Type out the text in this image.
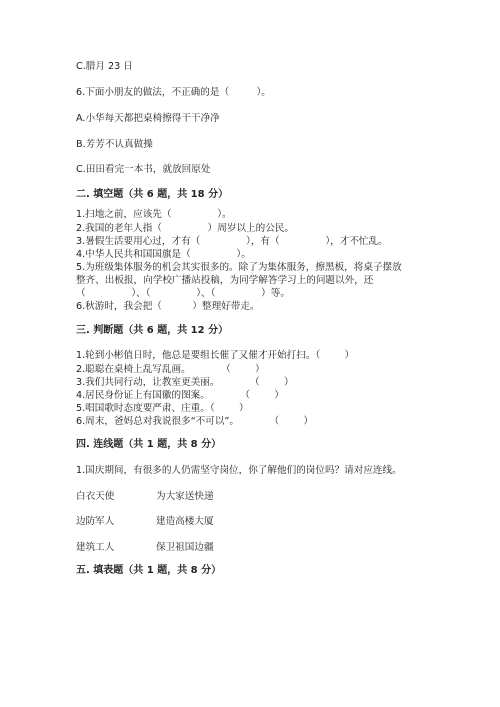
C.腊月 23 日
6.下面小朋友的做法，不正确的是（         ）。
A.小华每天都把桌椅擦得干干净净
B.芳芳不认真做操
C.田田看完一本书，就放回原处
二. 填空题（共 6 题，共 18 分）
1.扫地之前，应该先（               ）。
2.我国的老年人指（               ）周岁以上的公民。
3.暑假生活要用心过，才有（               ），有（               ），才不忙乱。
4.中华人民共和国国旗是（               ）。
5.为班级集体服务的机会其实很多的。除了为集体服务，擦黑板，将桌子摆放
整齐、出板报，向学校广播站投稿，为同学解答学习上的问题以外，还
（               ）、（               ）、（               ）等。
6.秋游时，我会把（          ）整理好带走。
三. 判断题（共 6 题，共 12 分）
1.轮到小彬值日时，他总是要组长催了又催才开始打扫。（        ）
2.聪聪在桌椅上乱写乱画。          （        ）
3.我们共同行动，让教室更美丽。          （        ）
4.居民身份证上有国徽的图案。          （        ）
5.唱国歌时态度要严肃、庄重。（        ）
6.周末，爸妈总对我说很多“不可以”。          （        ）
四. 连线题（共 1 题，共 8 分）
1.国庆期间，有很多的人仍需坚守岗位，你了解他们的岗位吗？请对应连线。
白衣天使	为大家送快递
边防军人	建造高楼大厦
建筑工人	保卫祖国边疆
五. 填表题（共 1 题，共 8 分）
